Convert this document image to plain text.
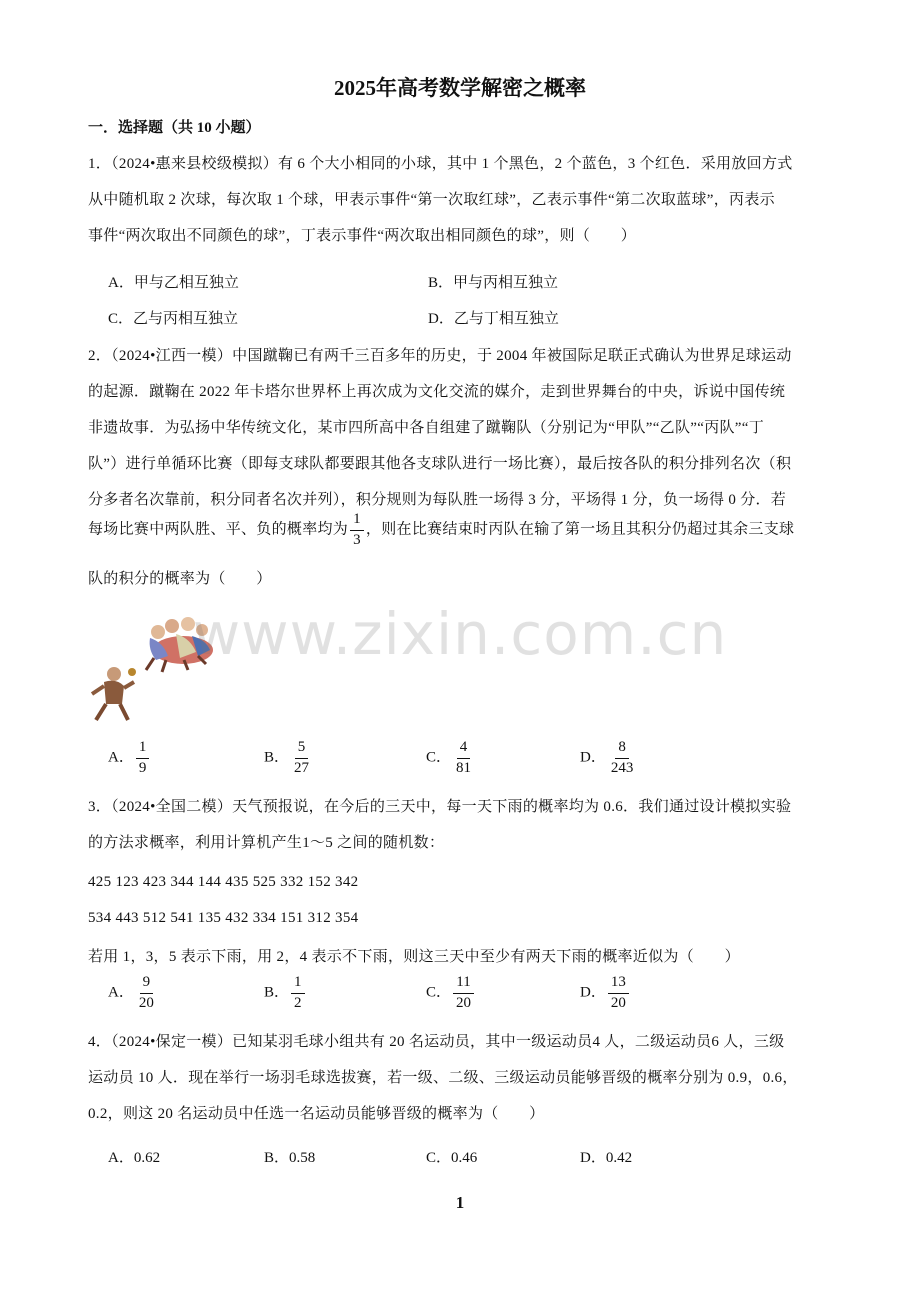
2025年高考数学解密之概率
一．选择题（共 10 小题）
1．（2024•惠来县校级模拟）有 6 个大小相同的小球，其中 1 个黑色，2 个蓝色，3 个红色．采用放回方式
从中随机取 2 次球，每次取 1 个球，甲表示事件“第一次取红球”，乙表示事件“第二次取蓝球”，丙表示
事件“两次取出不同颜色的球”，丁表示事件“两次取出相同颜色的球”，则（　　）
A．甲与乙相互独立	B．甲与丙相互独立
C．乙与丙相互独立	D．乙与丁相互独立
2．（2024•江西一模）中国蹴鞠已有两千三百多年的历史，于 2004 年被国际足联正式确认为世界足球运动
的起源．蹴鞠在 2022 年卡塔尔世界杯上再次成为文化交流的媒介，走到世界舞台的中央，诉说中国传统
非遗故事．为弘扬中华传统文化，某市四所高中各自组建了蹴鞠队（分别记为“甲队”“乙队”“丙队”“丁
队”）进行单循环比赛（即每支球队都要跟其他各支球队进行一场比赛），最后按各队的积分排列名次（积
分多者名次靠前，积分同者名次并列），积分规则为每队胜一场得 3 分，平场得 1 分，负一场得 0 分．若
每场比赛中两队胜、平、负的概率均为 $\frac{1}{3}$ ，则在比赛结束时丙队在输了第一场且其积分仍超过其余三支球
队的积分的概率为（　　）
A． $\frac{1}{9}$	B． $\frac{5}{27}$	C． $\frac{4}{81}$	D． $\frac{8}{243}$
3．（2024•全国二模）天气预报说，在今后的三天中，每一天下雨的概率均为 0.6．我们通过设计模拟实验
的方法求概率，利用计算机产生1～5 之间的随机数：
425 123 423 344 144 435 525 332 152 342
534 443 512 541 135 432 334 151 312 354
若用 1，3，5 表示下雨，用 2，4 表示不下雨，则这三天中至少有两天下雨的概率近似为（　　）
A． $\frac{9}{20}$	B． $\frac{1}{2}$	C． $\frac{11}{20}$	D． $\frac{13}{20}$
4．（2024•保定一模）已知某羽毛球小组共有 20 名运动员，其中一级运动员4 人，二级运动员6 人，三级
运动员 10 人．现在举行一场羽毛球选拔赛，若一级、二级、三级运动员能够晋级的概率分别为 0.9，0.6，
0.2，则这 20 名运动员中任选一名运动员能够晋级的概率为（　　）
A．0.62	B．0.58	C．0.46	D．0.42
www.zixin.com.cn
1
